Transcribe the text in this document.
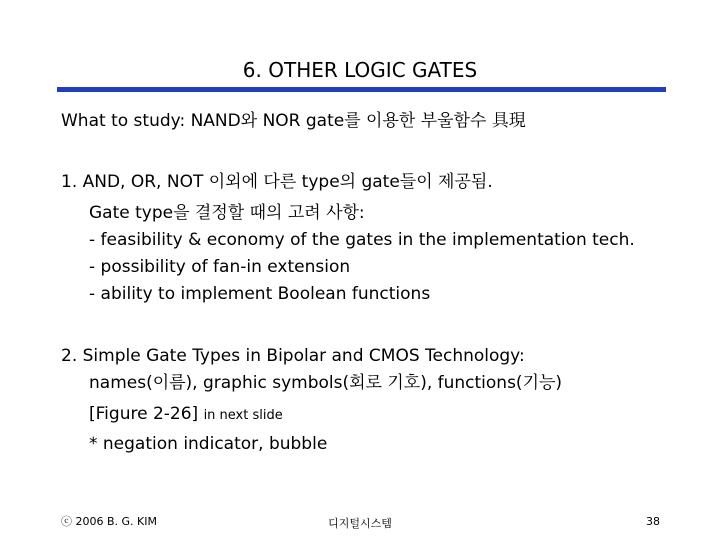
6. OTHER LOGIC GATES
What to study: NAND와 NOR gate를 이용한 부울함수 具現
1. AND, OR, NOT 이외에 다른 type의 gate들이 제공됨.
Gate type을 결정할 때의 고려 사항:
- feasibility & economy of the gates in the implementation tech.
- possibility of fan-in extension
- ability to implement Boolean functions
2. Simple Gate Types in Bipolar and CMOS Technology:
names(이름), graphic symbols(회로 기호), functions(기능)
[Figure 2-26] in next slide
* negation indicator, bubble
ⓒ 2006 B. G. KIM	디지털시스템	38
